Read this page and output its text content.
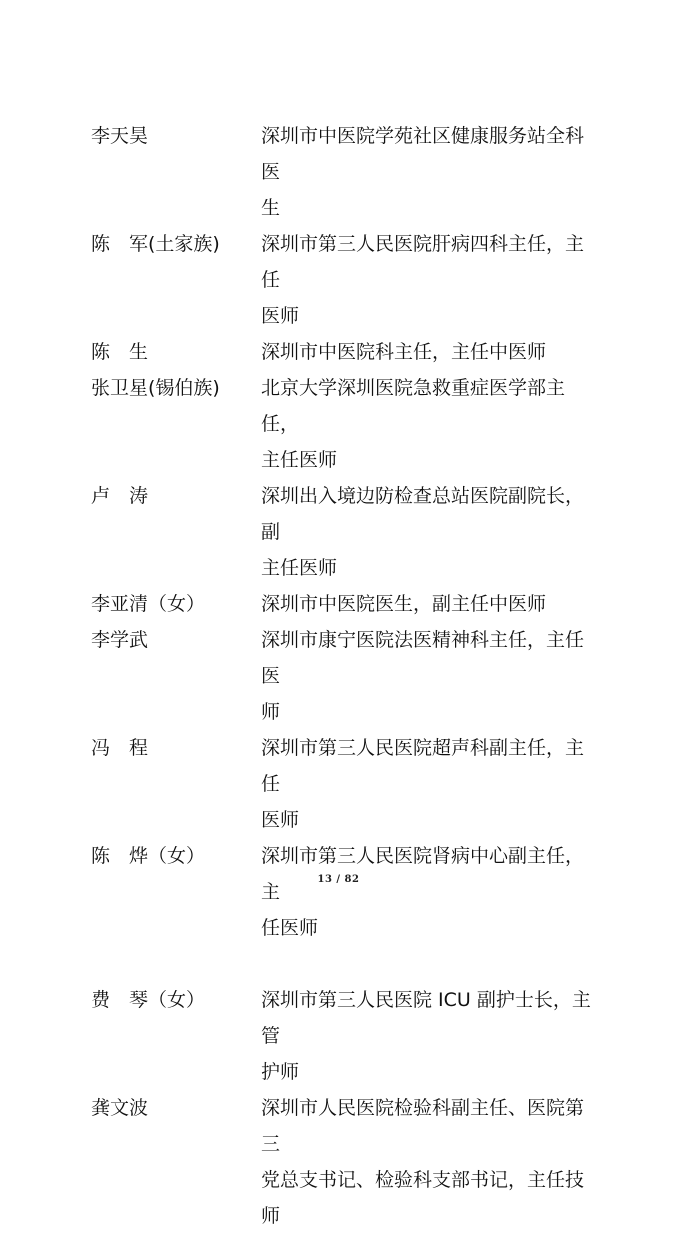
李天昊	深圳市中医院学苑社区健康服务站全科医
生
陈　军(土家族)	深圳市第三人民医院肝病四科主任，主任
医师
陈　生	深圳市中医院科主任，主任中医师
张卫星(锡伯族)	北京大学深圳医院急救重症医学部主任，
主任医师
卢　涛	深圳出入境边防检查总站医院副院长，副
主任医师
李亚清（女）	深圳市中医院医生，副主任中医师
李学武	深圳市康宁医院法医精神科主任，主任医
师
冯　程	深圳市第三人民医院超声科副主任，主任
医师
陈　烨（女）	深圳市第三人民医院肾病中心副主任，主
任医师
费　琴（女）	深圳市第三人民医院 ICU 副护士长，主管
护师
龚文波	深圳市人民医院检验科副主任、医院第三
党总支书记、检验科支部书记，主任技师
13 / 82
